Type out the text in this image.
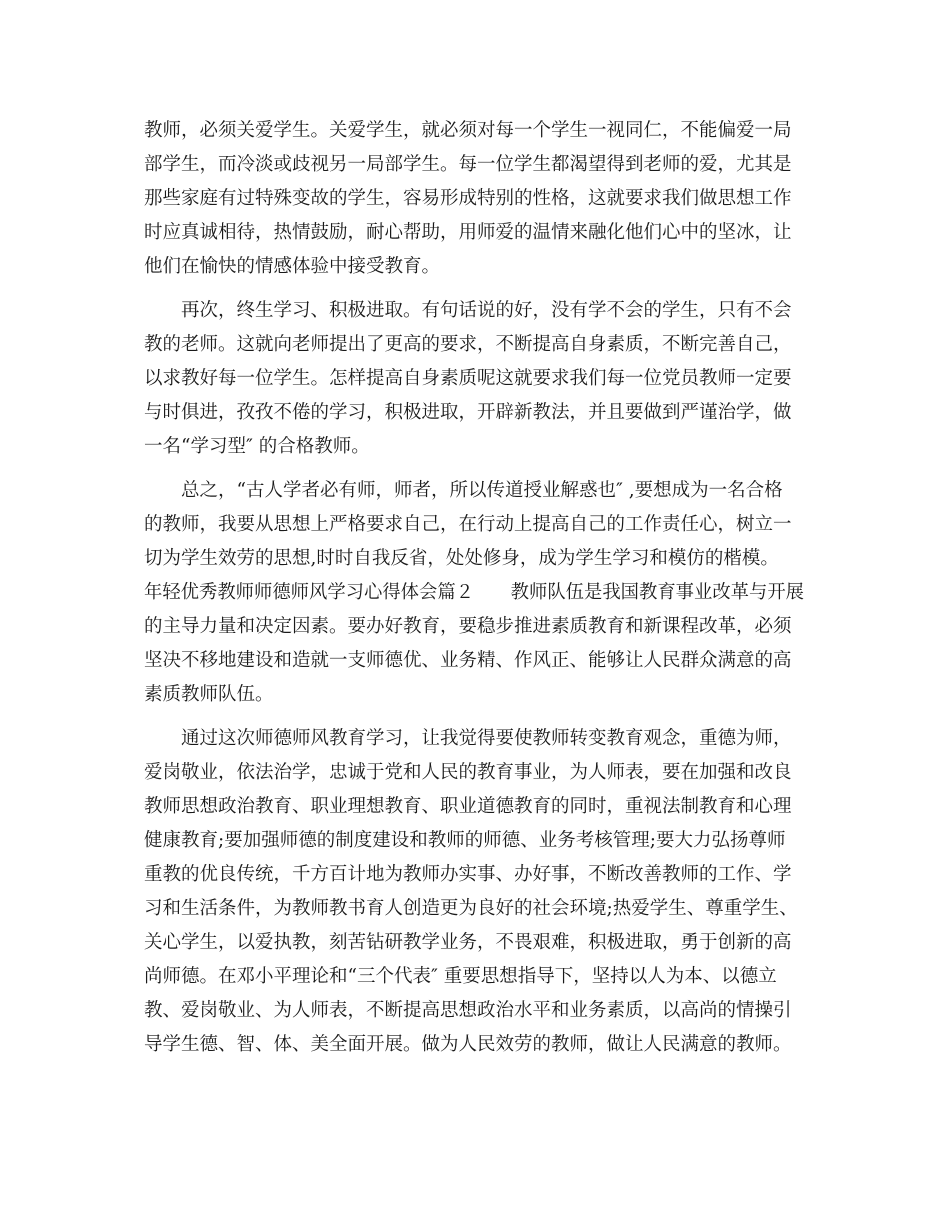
教师，必须关爱学生。关爱学生，就必须对每一个学生一视同仁，不能偏爱一局
部学生，而冷淡或歧视另一局部学生。每一位学生都渴望得到老师的爱，尤其是
那些家庭有过特殊变故的学生，容易形成特别的性格，这就要求我们做思想工作
时应真诚相待，热情鼓励，耐心帮助，用师爱的温情来融化他们心中的坚冰，让
他们在愉快的情感体验中接受教育。
再次，终生学习、积极进取。有句话说的好，没有学不会的学生，只有不会
教的老师。这就向老师提出了更高的要求，不断提高自身素质，不断完善自己，
以求教好每一位学生。怎样提高自身素质呢这就要求我们每一位党员教师一定要
与时俱进，孜孜不倦的学习，积极进取，开辟新教法，并且要做到严谨治学，做
一名“学习型″ 的合格教师。
总之，“古人学者必有师，师者，所以传道授业解惑也″ ,要想成为一名合格
的教师，我要从思想上严格要求自己，在行动上提高自己的工作责任心，树立一
切为学生效劳的思想,时时自我反省，处处修身，成为学生学习和模仿的楷模。
年轻优秀教师师德师风学习心得体会篇２　　教师队伍是我国教育事业改革与开展
的主导力量和决定因素。要办好教育，要稳步推进素质教育和新课程改革，必须
坚决不移地建设和造就一支师德优、业务精、作风正、能够让人民群众满意的高
素质教师队伍。
通过这次师德师风教育学习，让我觉得要使教师转变教育观念，重德为师，
爱岗敬业，依法治学，忠诚于党和人民的教育事业，为人师表，要在加强和改良
教师思想政治教育、职业理想教育、职业道德教育的同时，重视法制教育和心理
健康教育;要加强师德的制度建设和教师的师德、业务考核管理;要大力弘扬尊师
重教的优良传统，千方百计地为教师办实事、办好事，不断改善教师的工作、学
习和生活条件，为教师教书育人创造更为良好的社会环境;热爱学生、尊重学生、
关心学生，以爱执教，刻苦钻研教学业务，不畏艰难，积极进取，勇于创新的高
尚师德。在邓小平理论和“三个代表″ 重要思想指导下，坚持以人为本、以德立
教、爱岗敬业、为人师表，不断提高思想政治水平和业务素质，以高尚的情操引
导学生德、智、体、美全面开展。做为人民效劳的教师，做让人民满意的教师。
